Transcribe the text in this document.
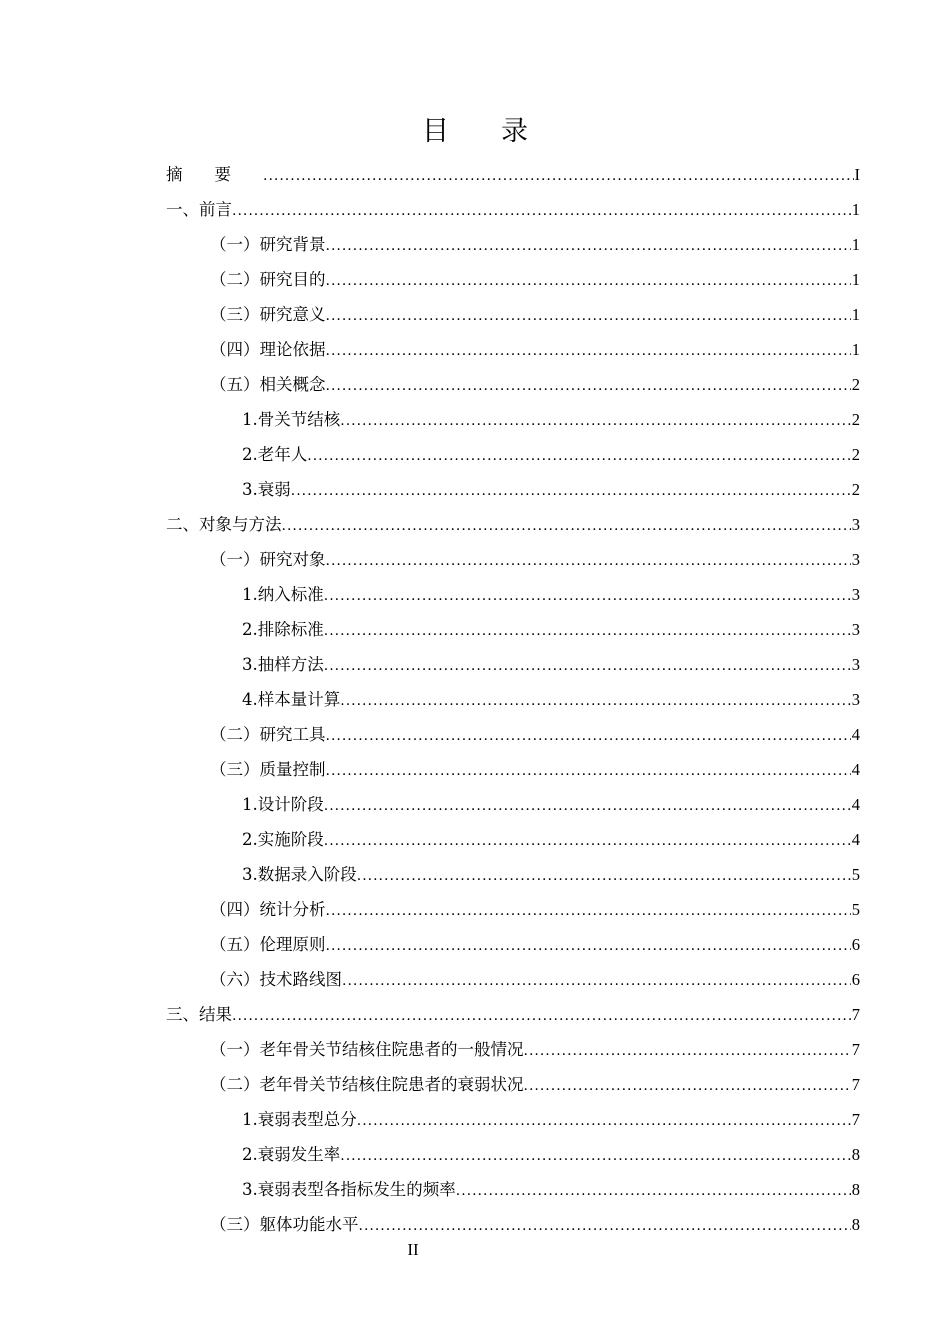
目录
摘要 .....	I
一、前言 .....	1
（一）研究背景 .....	1
（二）研究目的 .....	1
（三）研究意义 .....	1
（四）理论依据 .....	1
（五）相关概念 .....	2
1.骨关节结核 .....	2
2.老年人 .....	2
3.衰弱 .....	2
二、对象与方法 .....	3
（一）研究对象 .....	3
1.纳入标准 .....	3
2.排除标准 .....	3
3.抽样方法 .....	3
4.样本量计算 .....	3
（二）研究工具 .....	4
（三）质量控制 .....	4
1.设计阶段 .....	4
2.实施阶段 .....	4
3.数据录入阶段 .....	5
（四）统计分析 .....	5
（五）伦理原则 .....	6
（六）技术路线图 .....	6
三、结果 .....	7
（一）老年骨关节结核住院患者的一般情况 .....	7
（二）老年骨关节结核住院患者的衰弱状况 .....	7
1.衰弱表型总分 .....	7
2.衰弱发生率 .....	8
3.衰弱表型各指标发生的频率 .....	8
（三）躯体功能水平 .....	8
II
